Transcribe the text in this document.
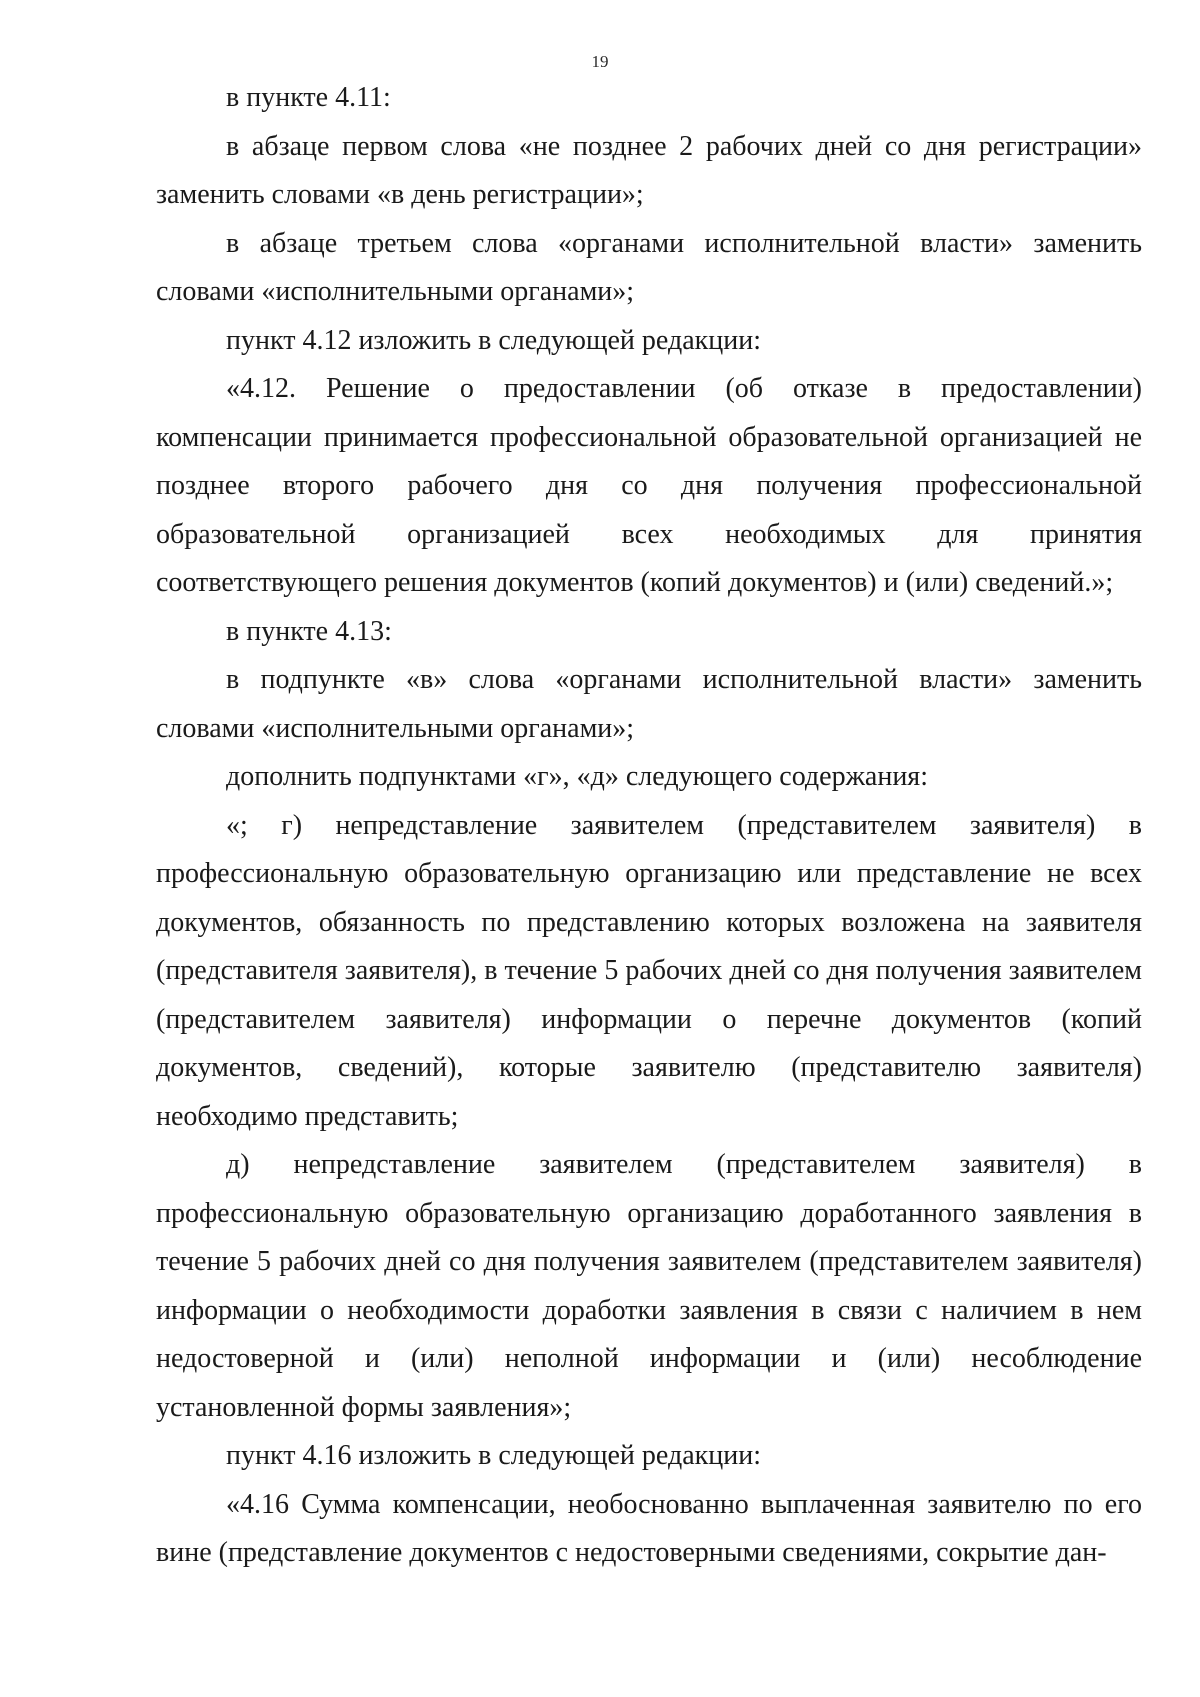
19

в пункте 4.11:

в абзаце первом слова «не позднее 2 рабочих дней со дня регистрации» заменить словами «в день регистрации»;

в абзаце третьем слова «органами исполнительной власти» заменить словами «исполнительными органами»;

пункт 4.12 изложить в следующей редакции:

«4.12. Решение о предоставлении (об отказе в предоставлении) компенсации принимается профессиональной образовательной организацией не позднее второго рабочего дня со дня получения профессиональной образовательной организацией всех необходимых для принятия соответствующего решения документов (копий документов) и (или) сведений.»;

в пункте 4.13:

в подпункте «в» слова «органами исполнительной власти» заменить словами «исполнительными органами»;

дополнить подпунктами «г», «д» следующего содержания:

«; г) непредставление заявителем (представителем заявителя) в профессиональную образовательную организацию или представление не всех документов, обязанность по представлению которых возложена на заявителя (представителя заявителя), в течение 5 рабочих дней со дня получения заявителем (представителем заявителя) информации о перечне документов (копий документов, сведений), которые заявителю (представителю заявителя) необходимо представить;

д) непредставление заявителем (представителем заявителя) в профессиональную образовательную организацию доработанного заявления в течение 5 рабочих дней со дня получения заявителем (представителем заявителя) информации о необходимости доработки заявления в связи с наличием в нем недостоверной и (или) неполной информации и (или) несоблюдение установленной формы заявления»;

пункт 4.16 изложить в следующей редакции:

«4.16 Сумма компенсации, необоснованно выплаченная заявителю по его вине (представление документов с недостоверными сведениями, сокрытие дан-
